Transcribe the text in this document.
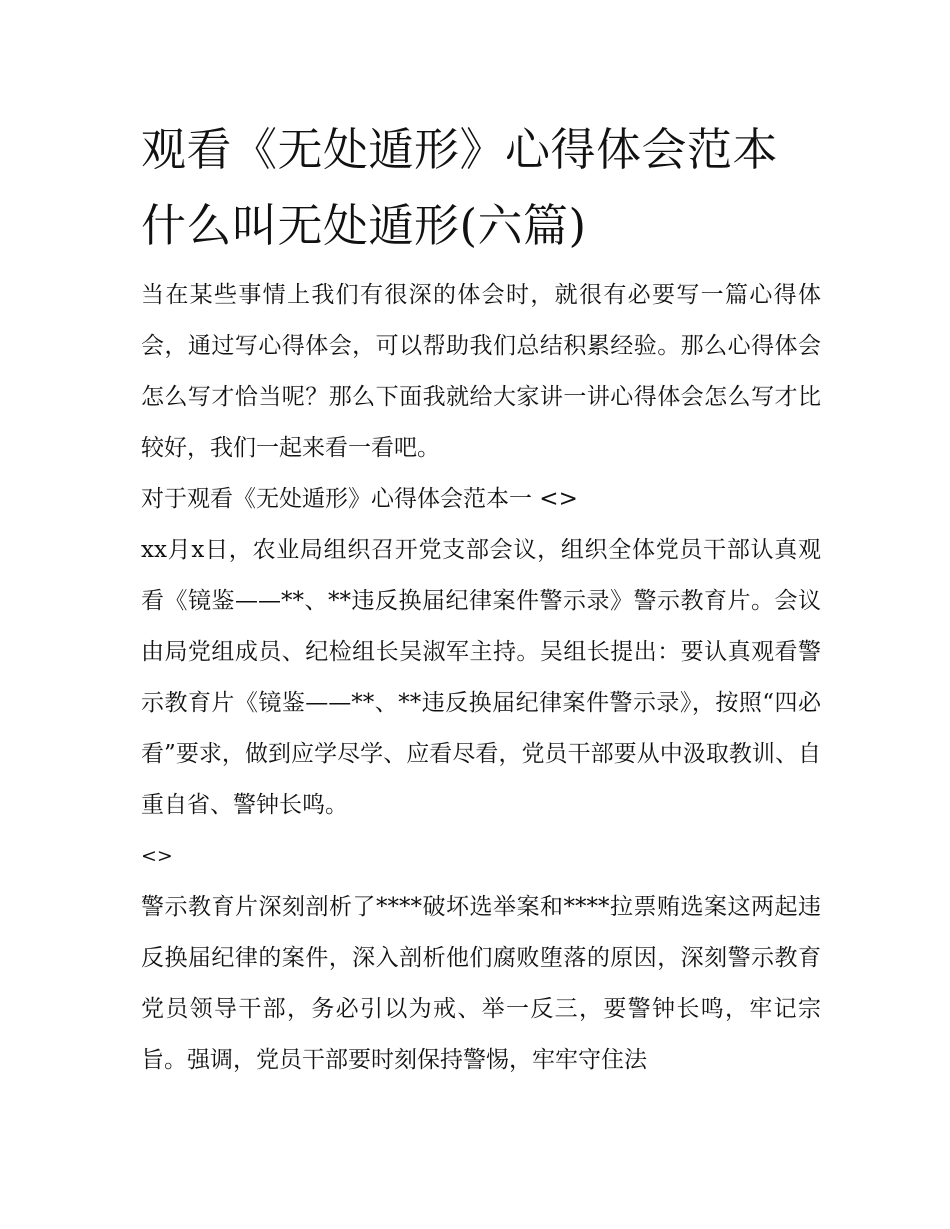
观看《无处遁形》心得体会范本 什么叫无处遁形(六篇)

当在某些事情上我们有很深的体会时，就很有必要写一篇心得体会，通过写心得体会，可以帮助我们总结积累经验。那么心得体会怎么写才恰当呢？那么下面我就给大家讲一讲心得体会怎么写才比较好，我们一起来看一看吧。

对于观看《无处遁形》心得体会范本一 <>

xx月x日，农业局组织召开党支部会议，组织全体党员干部认真观看《镜鉴——**、**违反换届纪律案件警示录》警示教育片。会议由局党组成员、纪检组长吴淑军主持。吴组长提出：要认真观看警示教育片《镜鉴——**、**违反换届纪律案件警示录》，按照“四必看”要求，做到应学尽学、应看尽看，党员干部要从中汲取教训、自重自省、警钟长鸣。

<>

警示教育片深刻剖析了****破坏选举案和****拉票贿选案这两起违反换届纪律的案件，深入剖析他们腐败堕落的原因，深刻警示教育党员领导干部，务必引以为戒、举一反三，要警钟长鸣，牢记宗旨。强调，党员干部要时刻保持警惕，牢牢守住法
